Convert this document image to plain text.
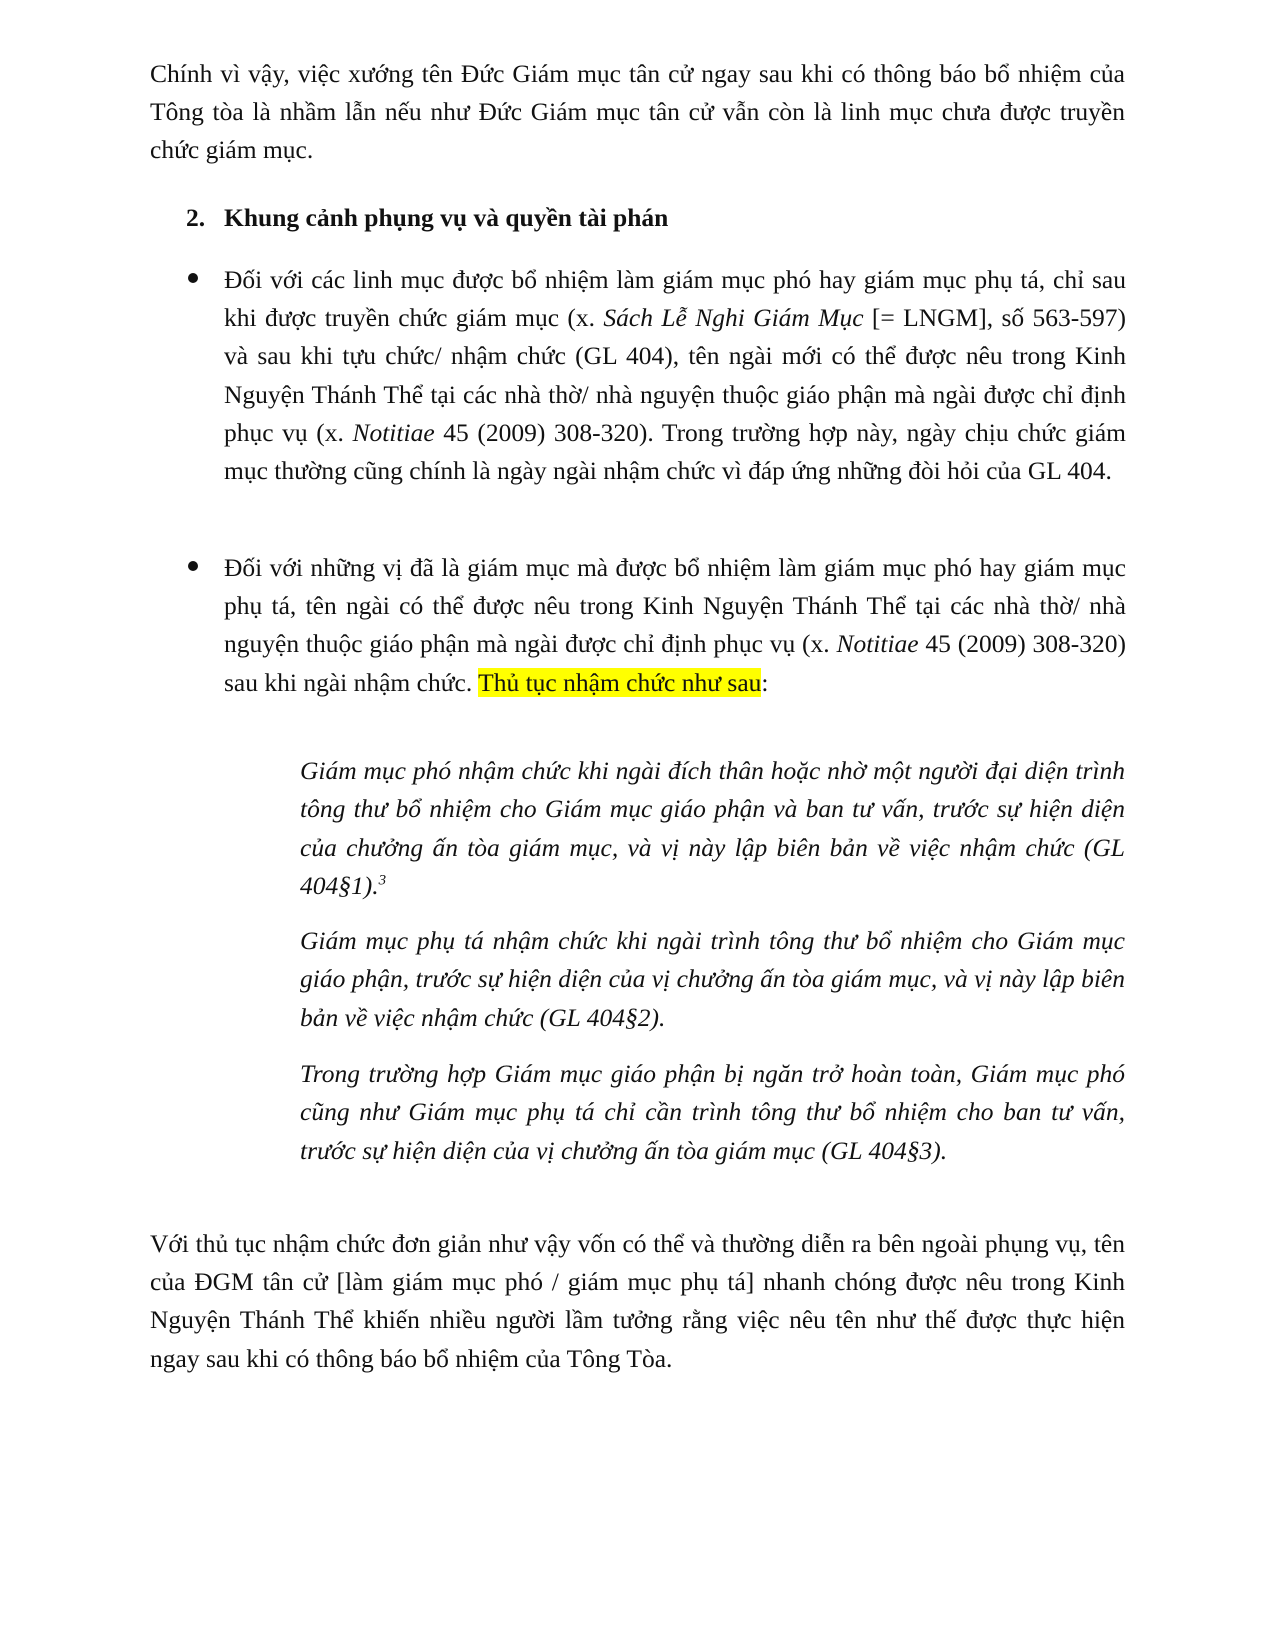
Chính vì vậy, việc xướng tên Đức Giám mục tân cử ngay sau khi có thông báo bổ nhiệm của Tông tòa là nhầm lẫn nếu như Đức Giám mục tân cử vẫn còn là linh mục chưa được truyền chức giám mục.

2. Khung cảnh phụng vụ và quyền tài phán

Đối với các linh mục được bổ nhiệm làm giám mục phó hay giám mục phụ tá, chỉ sau khi được truyền chức giám mục (x. Sách Lễ Nghi Giám Mục [= LNGM], số 563-597) và sau khi tựu chức/ nhậm chức (GL 404), tên ngài mới có thể được nêu trong Kinh Nguyện Thánh Thể tại các nhà thờ/ nhà nguyện thuộc giáo phận mà ngài được chỉ định phục vụ (x. Notitiae 45 (2009) 308-320). Trong trường hợp này, ngày chịu chức giám mục thường cũng chính là ngày ngài nhậm chức vì đáp ứng những đòi hỏi của GL 404.

Đối với những vị đã là giám mục mà được bổ nhiệm làm giám mục phó hay giám mục phụ tá, tên ngài có thể được nêu trong Kinh Nguyện Thánh Thể tại các nhà thờ/ nhà nguyện thuộc giáo phận mà ngài được chỉ định phục vụ (x. Notitiae 45 (2009) 308-320) sau khi ngài nhậm chức. Thủ tục nhậm chức như sau:

Giám mục phó nhậm chức khi ngài đích thân hoặc nhờ một người đại diện trình tông thư bổ nhiệm cho Giám mục giáo phận và ban tư vấn, trước sự hiện diện của chưởng ấn tòa giám mục, và vị này lập biên bản về việc nhậm chức (GL 404§1).$^3$

Giám mục phụ tá nhậm chức khi ngài trình tông thư bổ nhiệm cho Giám mục giáo phận, trước sự hiện diện của vị chưởng ấn tòa giám mục, và vị này lập biên bản về việc nhậm chức (GL 404§2).

Trong trường hợp Giám mục giáo phận bị ngăn trở hoàn toàn, Giám mục phó cũng như Giám mục phụ tá chỉ cần trình tông thư bổ nhiệm cho ban tư vấn, trước sự hiện diện của vị chưởng ấn tòa giám mục (GL 404§3).

Với thủ tục nhậm chức đơn giản như vậy vốn có thể và thường diễn ra bên ngoài phụng vụ, tên của ĐGM tân cử [làm giám mục phó / giám mục phụ tá] nhanh chóng được nêu trong Kinh Nguyện Thánh Thể khiến nhiều người lầm tưởng rằng việc nêu tên như thế được thực hiện ngay sau khi có thông báo bổ nhiệm của Tông Tòa.
